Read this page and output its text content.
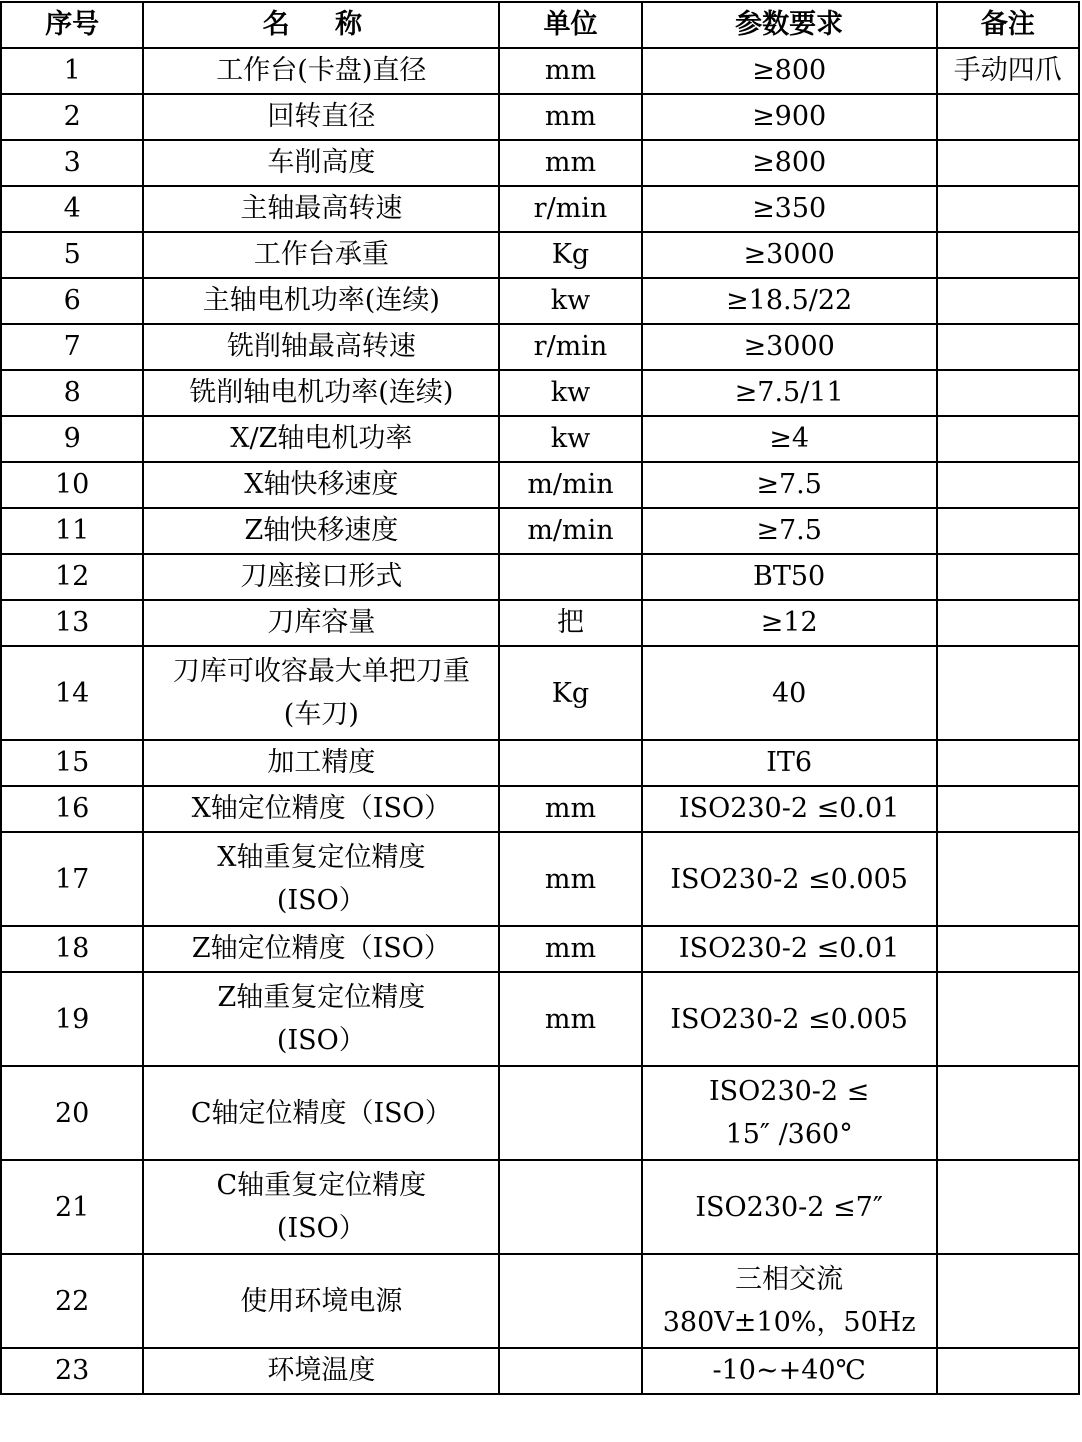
序号	名 称	单位	参数要求	备注
1	工作台(卡盘)直径	mm	≥800	手动四爪
2	回转直径	mm	≥900	

3	车削高度	mm	≥800	

4	主轴最高转速	r/min	≥350	

5	工作台承重	Kg	≥3000	

6	主轴电机功率(连续)	kw	≥18.5/22	

7	铣削轴最高转速	r/min	≥3000	

8	铣削轴电机功率(连续)	kw	≥7.5/11	

9	X/Z轴电机功率	kw	≥4	

10	X轴快移速度	m/min	≥7.5	

11	Z轴快移速度	m/min	≥7.5	

12	刀座接口形式		BT50	

13	刀库容量	把	≥12	

14	刀库可收容最大单把刀重
(车刀)	Kg	40	

15	加工精度		IT6	

16	X轴定位精度（ISO）	mm	ISO230-2 ≤0.01	

17	X轴重复定位精度
(ISO）	mm	ISO230-2 ≤0.005	

18	Z轴定位精度（ISO）	mm	ISO230-2 ≤0.01	

19	Z轴重复定位精度
(ISO）	mm	ISO230-2 ≤0.005	

20	C轴定位精度（ISO）		ISO230-2 ≤
15″ /360°	

21	C轴重复定位精度
(ISO）		ISO230-2 ≤7″	

22	使用环境电源		三相交流
380V±10%，50Hz	

23	环境温度		-10~+40℃	
